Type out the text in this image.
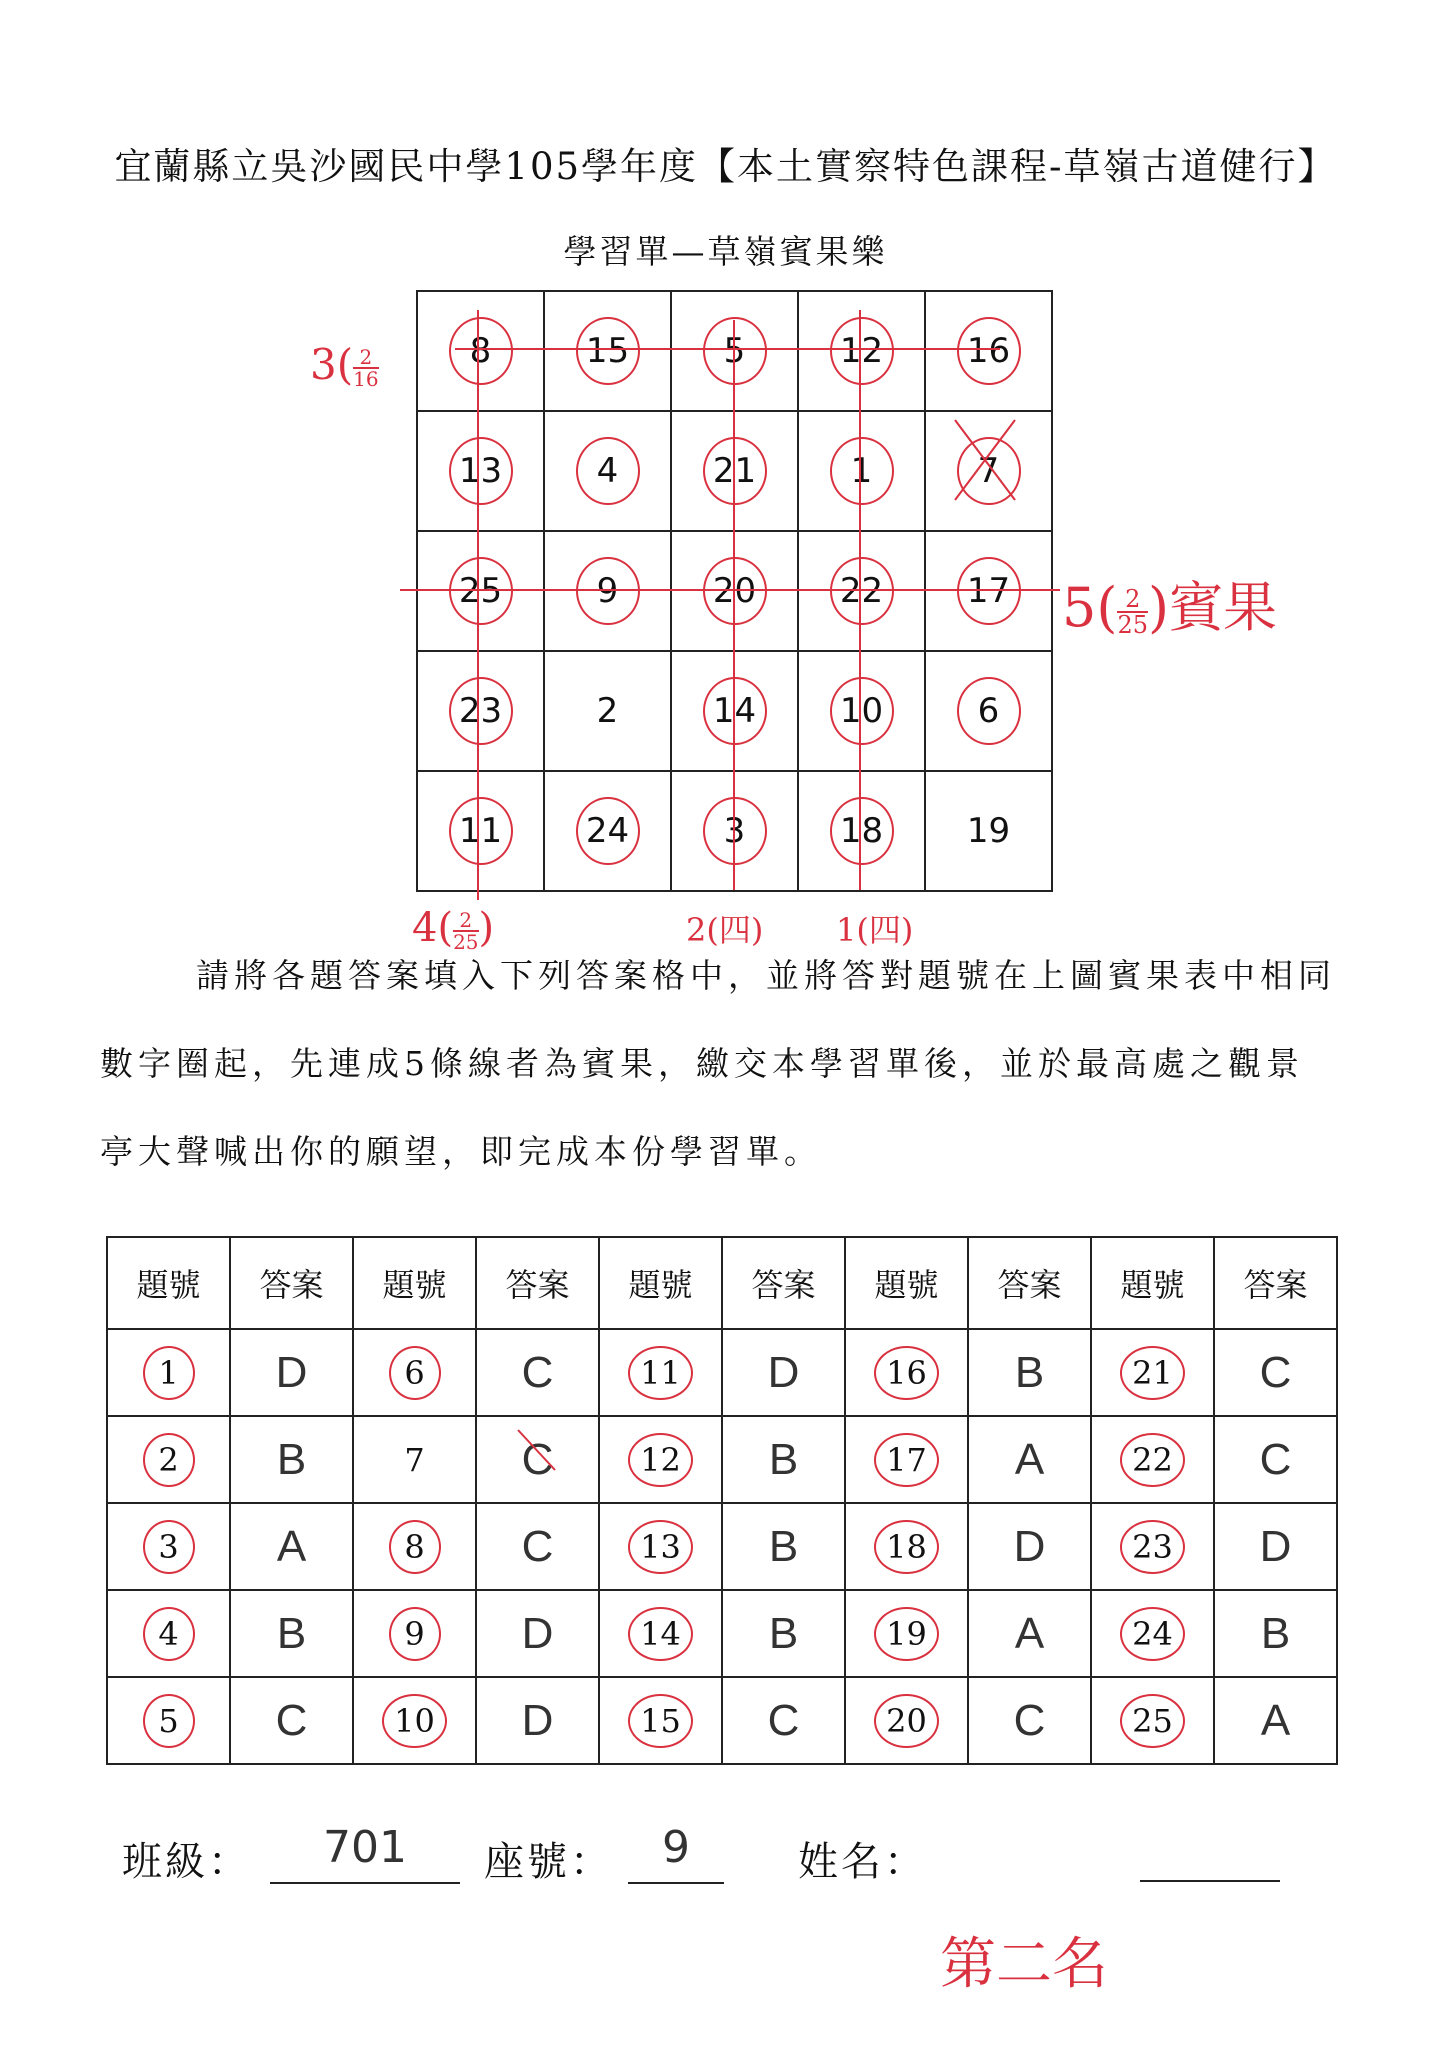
宜蘭縣立吳沙國民中學105學年度【本土實察特色課程-草嶺古道健行】
學習單—草嶺賓果樂
8	15	5	12	16
13	4	21	1	7
25	9	20	22	17
23	2	14	10	6
11	24	3	18	19
$3( \frac{2}{16}$
$5( \frac{2}{25}$ )賓果
$4( \frac{2}{25}$ )	2(四) 1(四)
請將各題答案填入下列答案格中，並將答對題號在上圖賓果表中相同
數字圈起，先連成5條線者為賓果，繳交本學習單後，並於最高處之觀景
亭大聲喊出你的願望，即完成本份學習單。
題號	答案	題號	答案	題號	答案	題號	答案	題號	答案
1	D	6	C	11	D	16	B	21	C
2	B	7	C	12	B	17	A	22	C
3	A	8	C	13	B	18	D	23	D
4	B	9	D	14	B	19	A	24	B
5	C	10	D	15	C	20	C	25	A
班級：	701	座號：	9	姓名：
第二名
